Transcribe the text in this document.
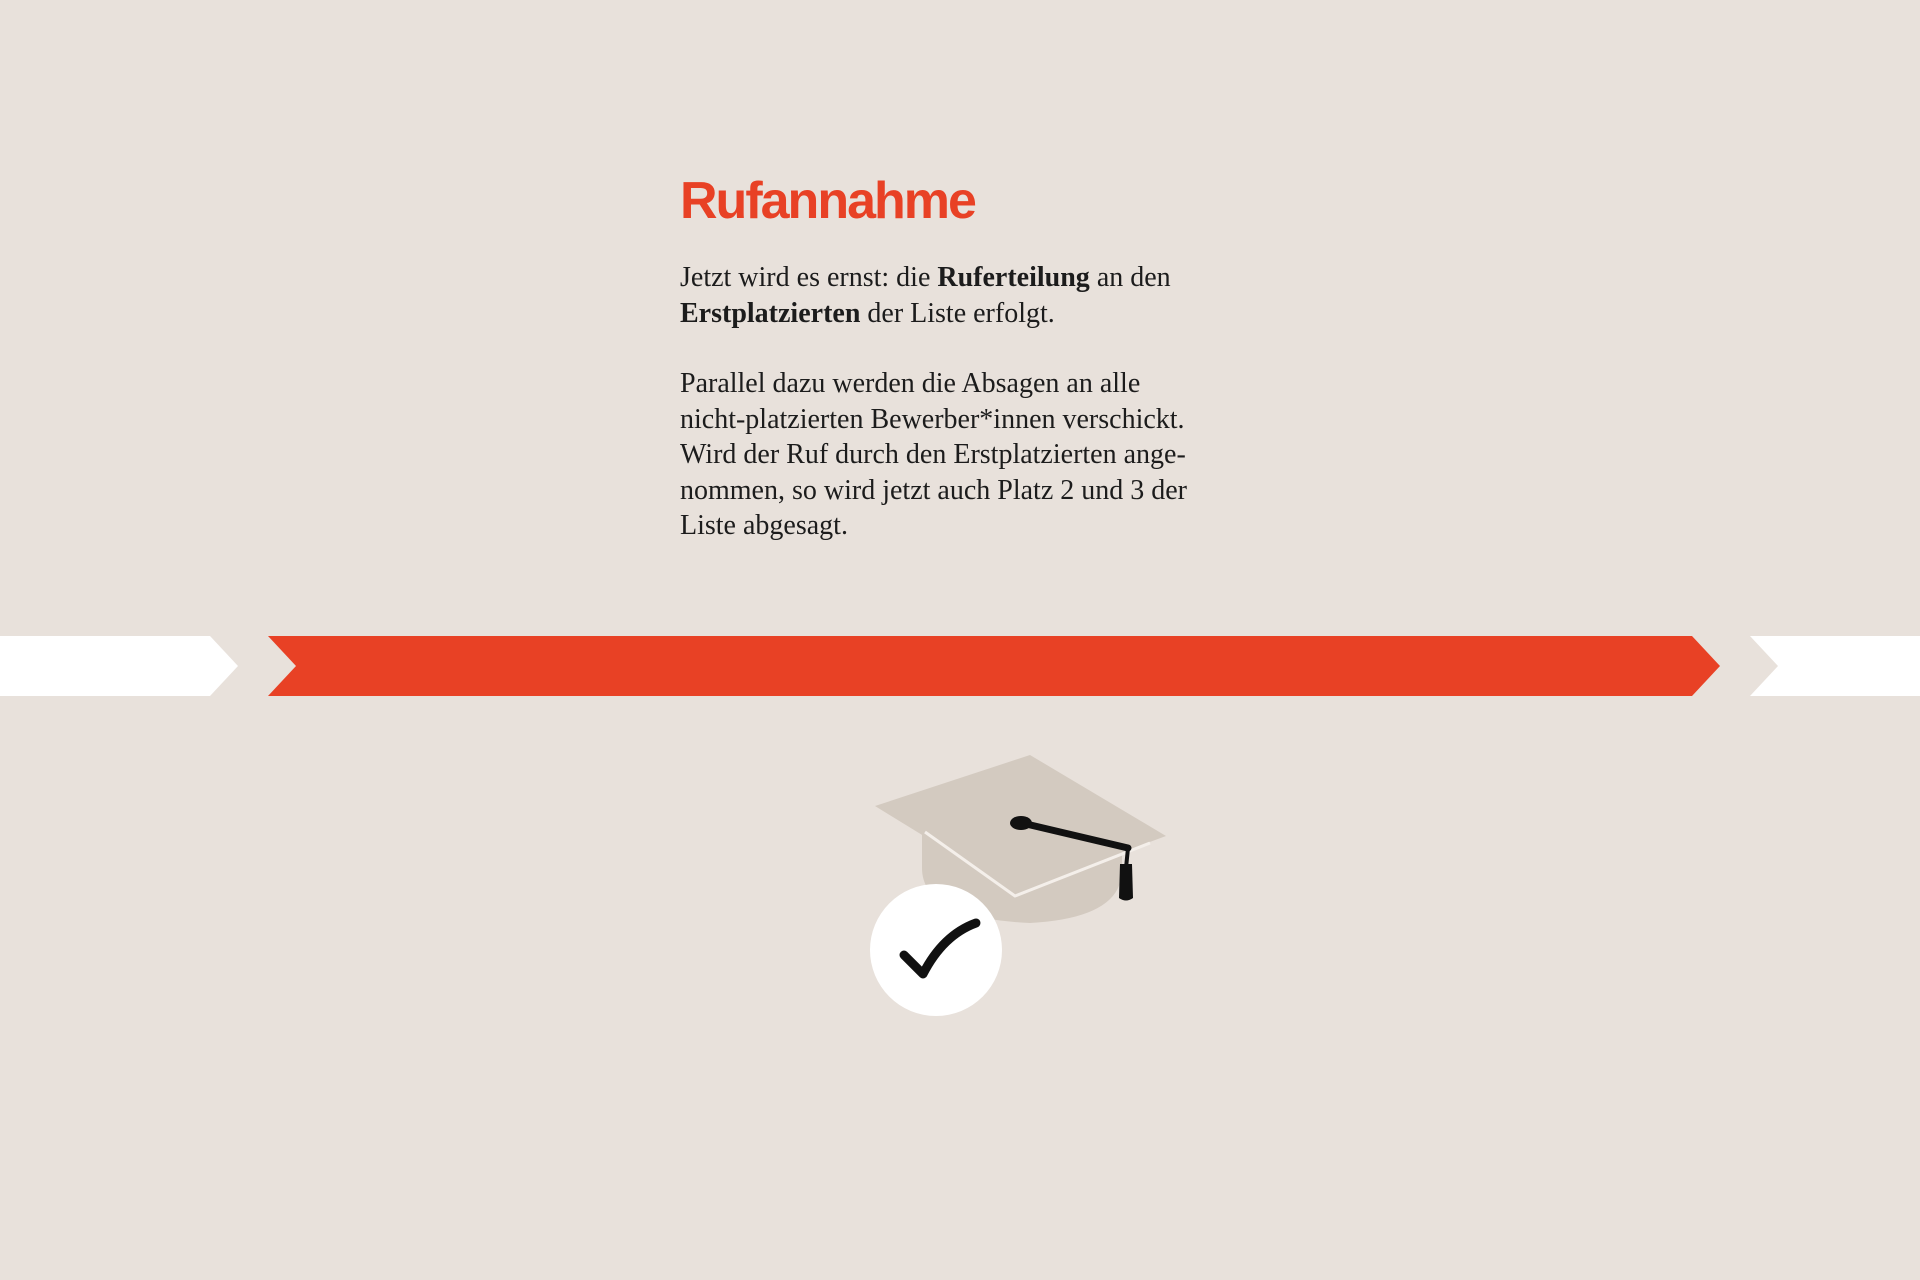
Rufannahme

Jetzt wird es ernst: die Ruferteilung an den
Erstplatzierten der Liste erfolgt.

Parallel dazu werden die Absagen an alle
nicht-platzierten Bewerber*innen verschickt.
Wird der Ruf durch den Erstplatzierten ange-
nommen, so wird jetzt auch Platz 2 und 3 der
Liste abgesagt.
